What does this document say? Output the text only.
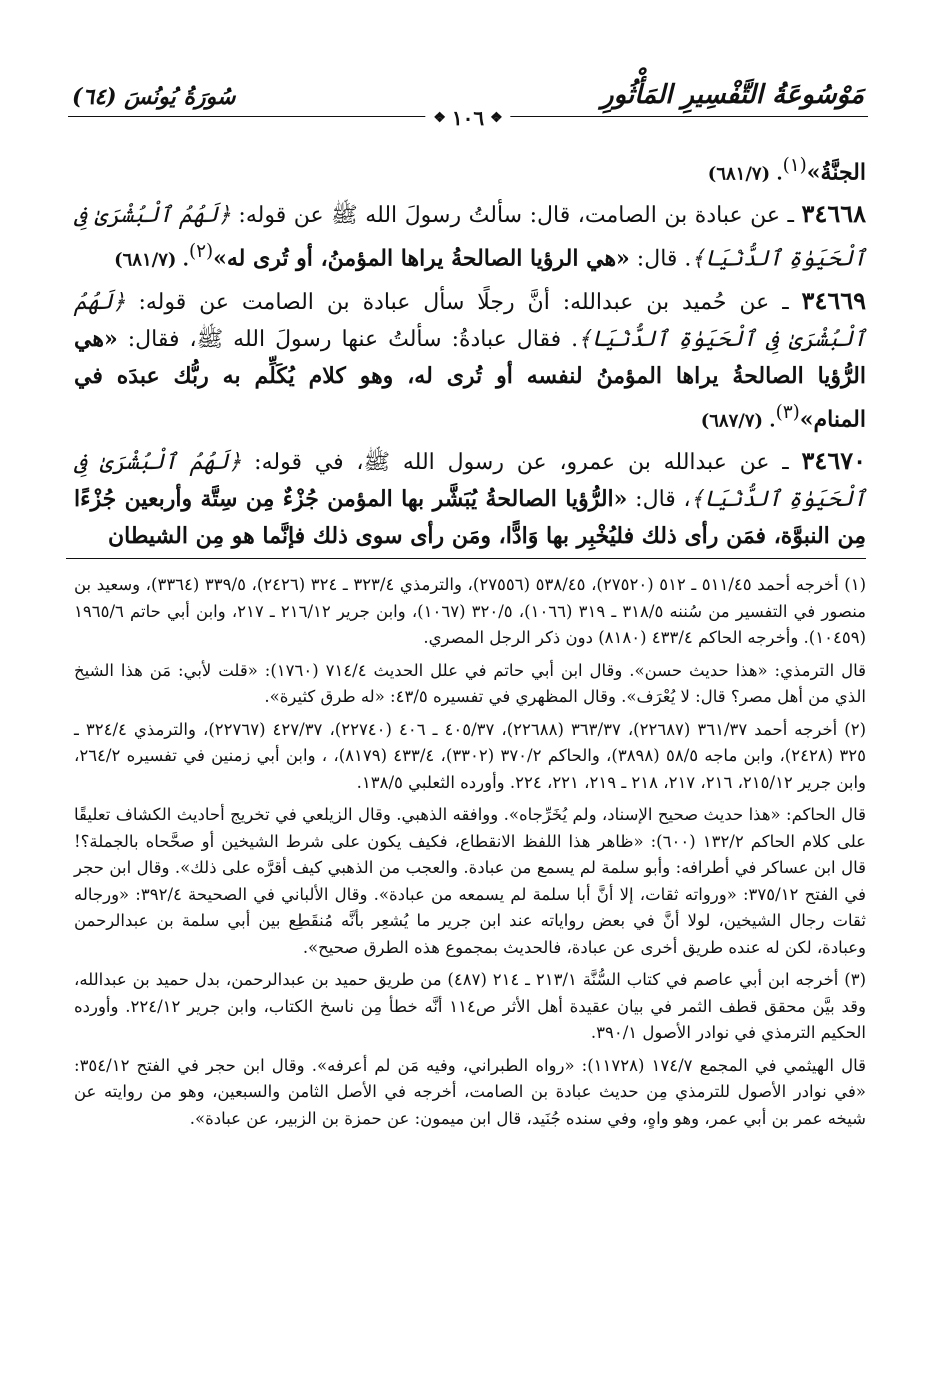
مَوْسُوعَةُ التَّفْسِيرِ المَأْثُورِ
سُورَةُ يُونُسَ (٦٤)
❖
١٠٦
❖

الجنَّةُ»$^{(١)}$. (٦٨١/٧)

٣٤٦٦٨ ـ عن عبادة بن الصامت، قال: سألتُ رسولَ الله ﷺ عن قوله: ﴿لَهُمُ ٱلْبُشْرَىٰ فِى ٱلْحَيَوٰةِ ٱلدُّنْيَا﴾. قال: «هي الرؤيا الصالحةُ يراها المؤمنُ، أو تُرى له»$^{(٢)}$. (٦٨١/٧)

٣٤٦٦٩ ـ عن حُميد بن عبدالله: أنَّ رجلًا سأل عبادة بن الصامت عن قوله: ﴿لَهُمُ ٱلْبُشْرَىٰ فِى ٱلْحَيَوٰةِ ٱلدُّنْيَا﴾. فقال عبادةُ: سألتُ عنها رسولَ الله ﷺ، فقال: «هي الرُّؤيا الصالحةُ يراها المؤمنُ لنفسه أو تُرى له، وهو كلام يُكَلِّم به ربُّك عبدَه في المنام»$^{(٣)}$. (٦٨٧/٧)

٣٤٦٧٠ ـ عن عبدالله بن عمرو، عن رسول الله ﷺ، في قوله: ﴿لَهُمُ ٱلْبُشْرَىٰ فِى ٱلْحَيَوٰةِ ٱلدُّنْيَا﴾، قال: «الرُّؤيا الصالحةُ يُبَشَّر بها المؤمن جُزْءٌ مِن سِتَّة وأربعين جُزْءًا مِن النبوَّة، فمَن رأى ذلك فليُخْبِر بها وَادًّا، ومَن رأى سوى ذلك فإنَّما هو مِن الشيطان

(١) أخرجه أحمد ٥١١/٤٥ ـ ٥١٢ (٢٧٥٢٠)، ٥٣٨/٤٥ (٢٧٥٥٦)، والترمذي ٣٢٣/٤ ـ ٣٢٤ (٢٤٢٦)، ٣٣٩/٥ (٣٣٦٤)، وسعيد بن منصور في التفسير من سُننه ٣١٨/٥ ـ ٣١٩ (١٠٦٦)، ٣٢٠/٥ (١٠٦٧)، وابن جرير ٢١٦/١٢ ـ ٢١٧، وابن أبي حاتم ١٩٦٥/٦ (١٠٤٥٩). وأخرجه الحاكم ٤٣٣/٤ (٨١٨٠) دون ذكر الرجل المصري.

قال الترمذي: «هذا حديث حسن». وقال ابن أبي حاتم في علل الحديث ٧١٤/٤ (١٧٦٠): «قلت لأبي: مَن هذا الشيخ الذي من أهل مصر؟ قال: لا يُعْرَف». وقال المظهري في تفسيره ٤٣/٥: «له طرق كثيرة».

(٢) أخرجه أحمد ٣٦١/٣٧ (٢٢٦٨٧)، ٣٦٣/٣٧ (٢٢٦٨٨)، ٤٠٥/٣٧ ـ ٤٠٦ (٢٢٧٤٠)، ٤٢٧/٣٧ (٢٢٧٦٧)، والترمذي ٣٢٤/٤ ـ ٣٢٥ (٢٤٢٨)، وابن ماجه ٥٨/٥ (٣٨٩٨)، والحاكم ٣٧٠/٢ (٣٣٠٢)، ٤٣٣/٤ (٨١٧٩)، ، وابن أبي زمنين في تفسيره ٢٦٤/٢، وابن جرير ٢١٥/١٢، ٢١٦، ٢١٧، ٢١٨ ـ ٢١٩، ٢٢١، ٢٢٤. وأورده الثعلبي ١٣٨/٥.

قال الحاكم: «هذا حديث صحيح الإسناد، ولم يُخَرِّجاه». ووافقه الذهبي. وقال الزيلعي في تخريج أحاديث الكشاف تعليقًا على كلام الحاكم ١٣٢/٢ (٦٠٠): «ظاهر هذا اللفظ الانقطاع، فكيف يكون على شرط الشيخين أو صحَّحاه بالجملة؟! قال ابن عساكر في أطرافه: وأبو سلمة لم يسمع من عبادة. والعجب من الذهبي كيف أقرَّه على ذلك». وقال ابن حجر في الفتح ٣٧٥/١٢: «ورواته ثقات، إلا أنَّ أبا سلمة لم يسمعه من عبادة». وقال الألباني في الصحيحة ٣٩٢/٤: «ورجاله ثقات رجال الشيخين، لولا أنَّ في بعض رواياته عند ابن جرير ما يُشعِر بأنَّه مُنقَطِع بين أبي سلمة بن عبدالرحمن وعبادة، لكن له عنده طريق أخرى عن عبادة، فالحديث بمجموع هذه الطرق صحيح».

(٣) أخرجه ابن أبي عاصم في كتاب السُّنَّة ٢١٣/١ ـ ٢١٤ (٤٨٧) من طريق حميد بن عبدالرحمن، بدل حميد بن عبدالله، وقد بيَّن محقق قطف الثمر في بيان عقيدة أهل الأثر ص١١٤ أنَّه خطأ مِن ناسخ الكتاب، وابن جرير ٢٢٤/١٢. وأورده الحكيم الترمذي في نوادر الأصول ٣٩٠/١.

قال الهيثمي في المجمع ١٧٤/٧ (١١٧٢٨): «رواه الطبراني، وفيه مَن لم أعرفه». وقال ابن حجر في الفتح ٣٥٤/١٢: «في نوادر الأصول للترمذي مِن حديث عبادة بن الصامت، أخرجه في الأصل الثامن والسبعين، وهو من روايته عن شيخه عمر بن أبي عمر، وهو واهٍ، وفي سنده جُنَيد، قال ابن ميمون: عن حمزة بن الزبير، عن عبادة».
